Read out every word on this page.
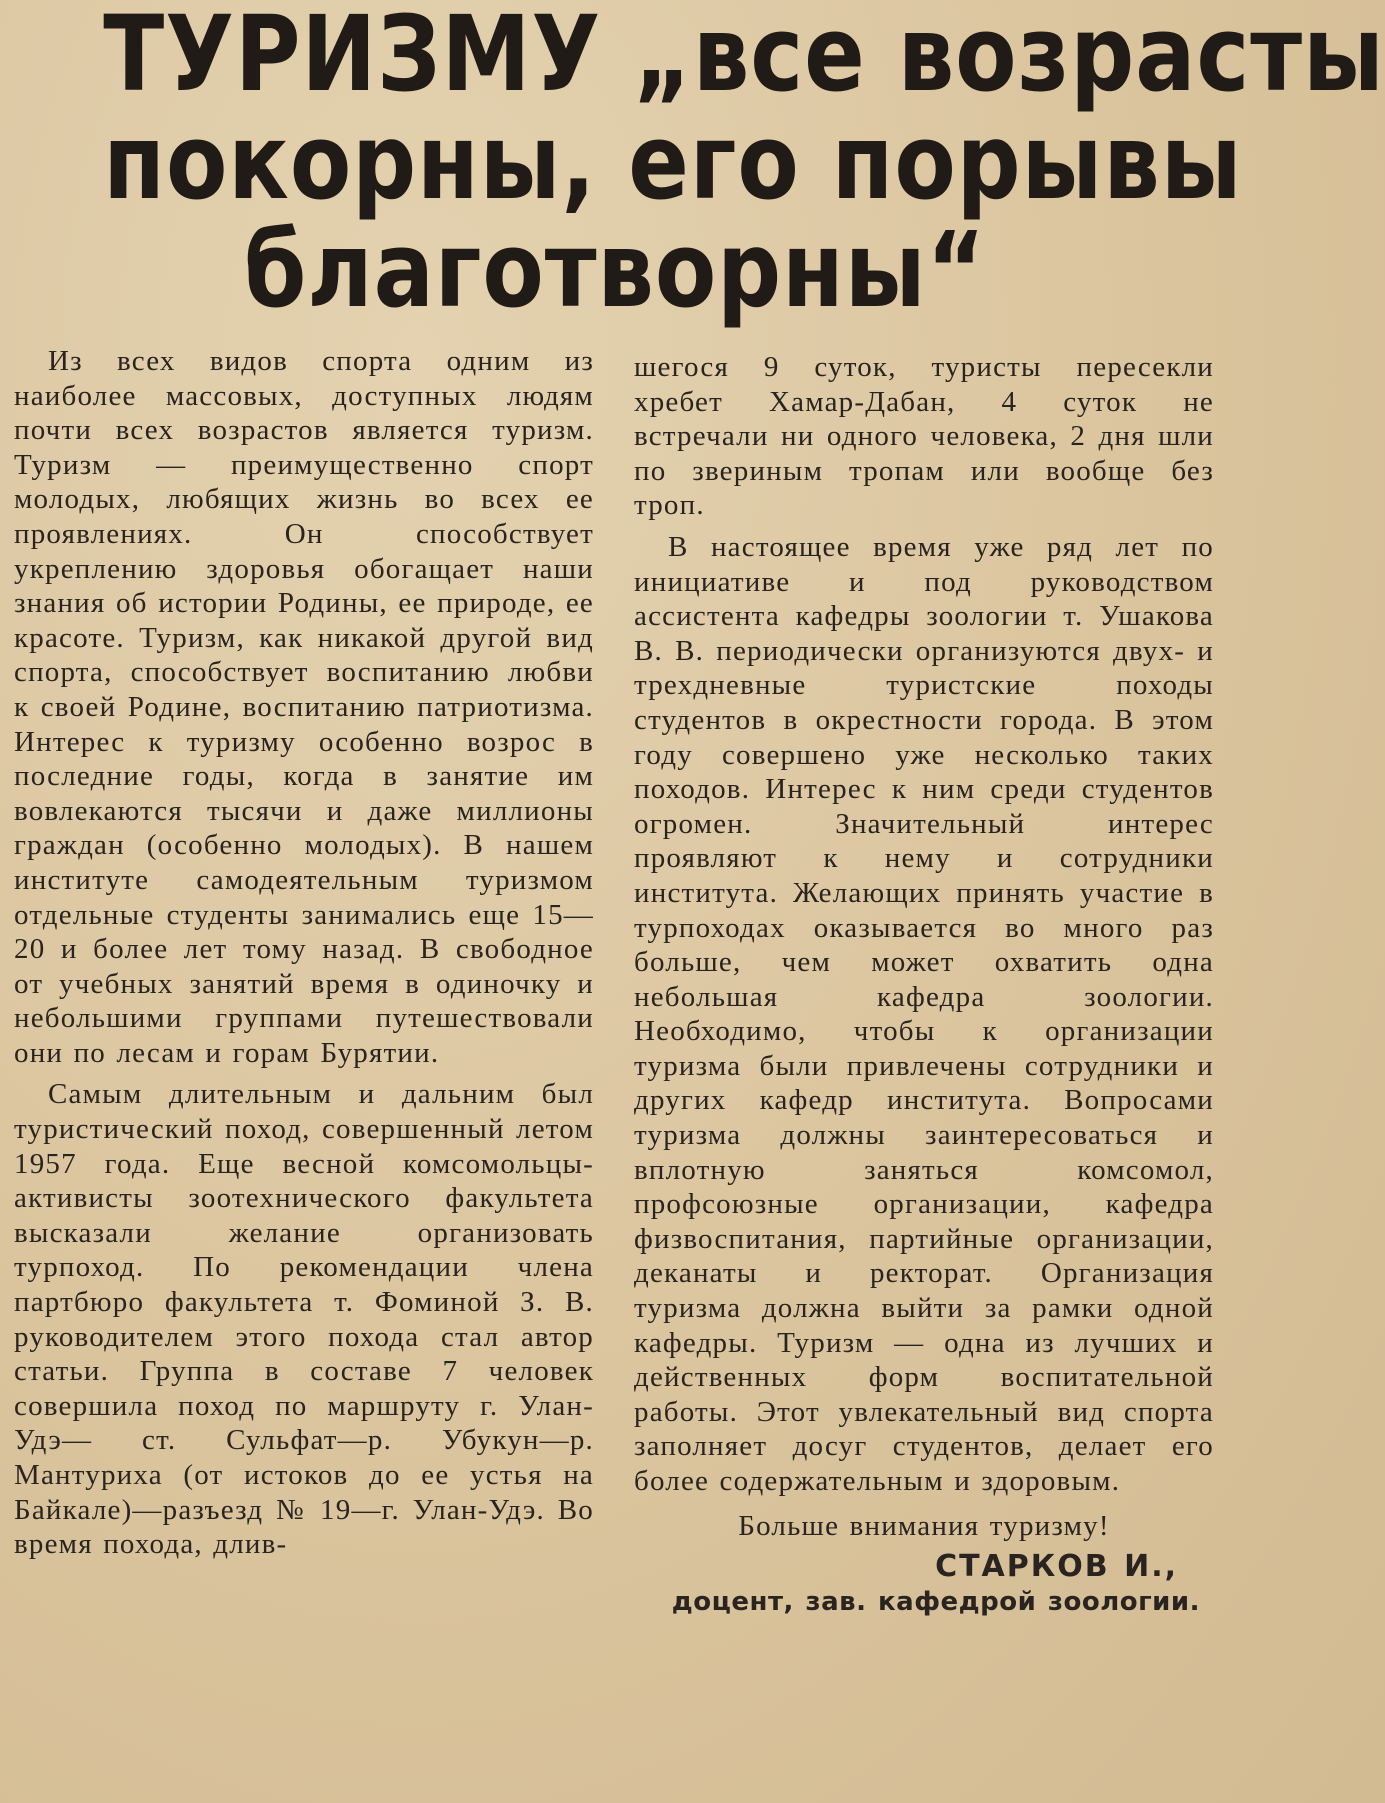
ТУРИЗМУ „все возрасты
покорны, его порывы
благотворны“

Из всех видов спорта одним из наиболее массовых, доступных людям почти всех возрастов является туризм. Туризм — преимущественно спорт молодых, любящих жизнь во всех ее проявлениях. Он способствует укреплению здоровья обогащает наши знания об истории Родины, ее природе, ее красоте. Туризм, как никакой другой вид спорта, способствует воспитанию любви к своей Родине, воспитанию патриотизма. Интерес к туризму особенно возрос в последние годы, когда в занятие им вовлекаются тысячи и даже миллионы граждан (особенно молодых). В нашем институте самодеятельным туризмом отдельные студенты занимались еще 15—20 и более лет тому назад. В свободное от учебных занятий время в одиночку и небольшими группами путешествовали они по лесам и горам Бурятии.

Самым длительным и дальним был туристический поход, совершенный летом 1957 года. Еще весной комсомольцы-активисты зоотехнического факультета высказали желание организовать турпоход. По рекомендации члена партбюро факультета т. Фоминой З. В. руководителем этого похода стал автор статьи. Группа в составе 7 человек совершила поход по маршруту г. Улан-Удэ— ст. Сульфат—р. Убукун—р. Мантуриха (от истоков до ее устья на Байкале)—разъезд № 19—г. Улан-Удэ. Во время похода, длив-

шегося 9 суток, туристы пересекли хребет Хамар-Дабан, 4 суток не встречали ни одного человека, 2 дня шли по звериным тропам или вообще без троп.

В настоящее время уже ряд лет по инициативе и под руководством ассистента кафедры зоологии т. Ушакова В. В. периодически организуются двух- и трехдневные туристские походы студентов в окрестности города. В этом году совершено уже несколько таких походов. Интерес к ним среди студентов огромен. Значительный интерес проявляют к нему и сотрудники института. Желающих принять участие в турпоходах оказывается во много раз больше, чем может охватить одна небольшая кафедра зоологии. Необходимо, чтобы к организации туризма были привлечены сотрудники и других кафедр института. Вопросами туризма должны заинтересоваться и вплотную заняться комсомол, профсоюзные организации, кафедра физвоспитания, партийные организации, деканаты и ректорат. Организация туризма должна выйти за рамки одной кафедры. Туризм — одна из лучших и действенных форм воспитательной работы. Этот увлекательный вид спорта заполняет досуг студентов, делает его более содержательным и здоровым.

Больше внимания туризму!

СТАРКОВ И.,
доцент, зав. кафедрой зоологии.
